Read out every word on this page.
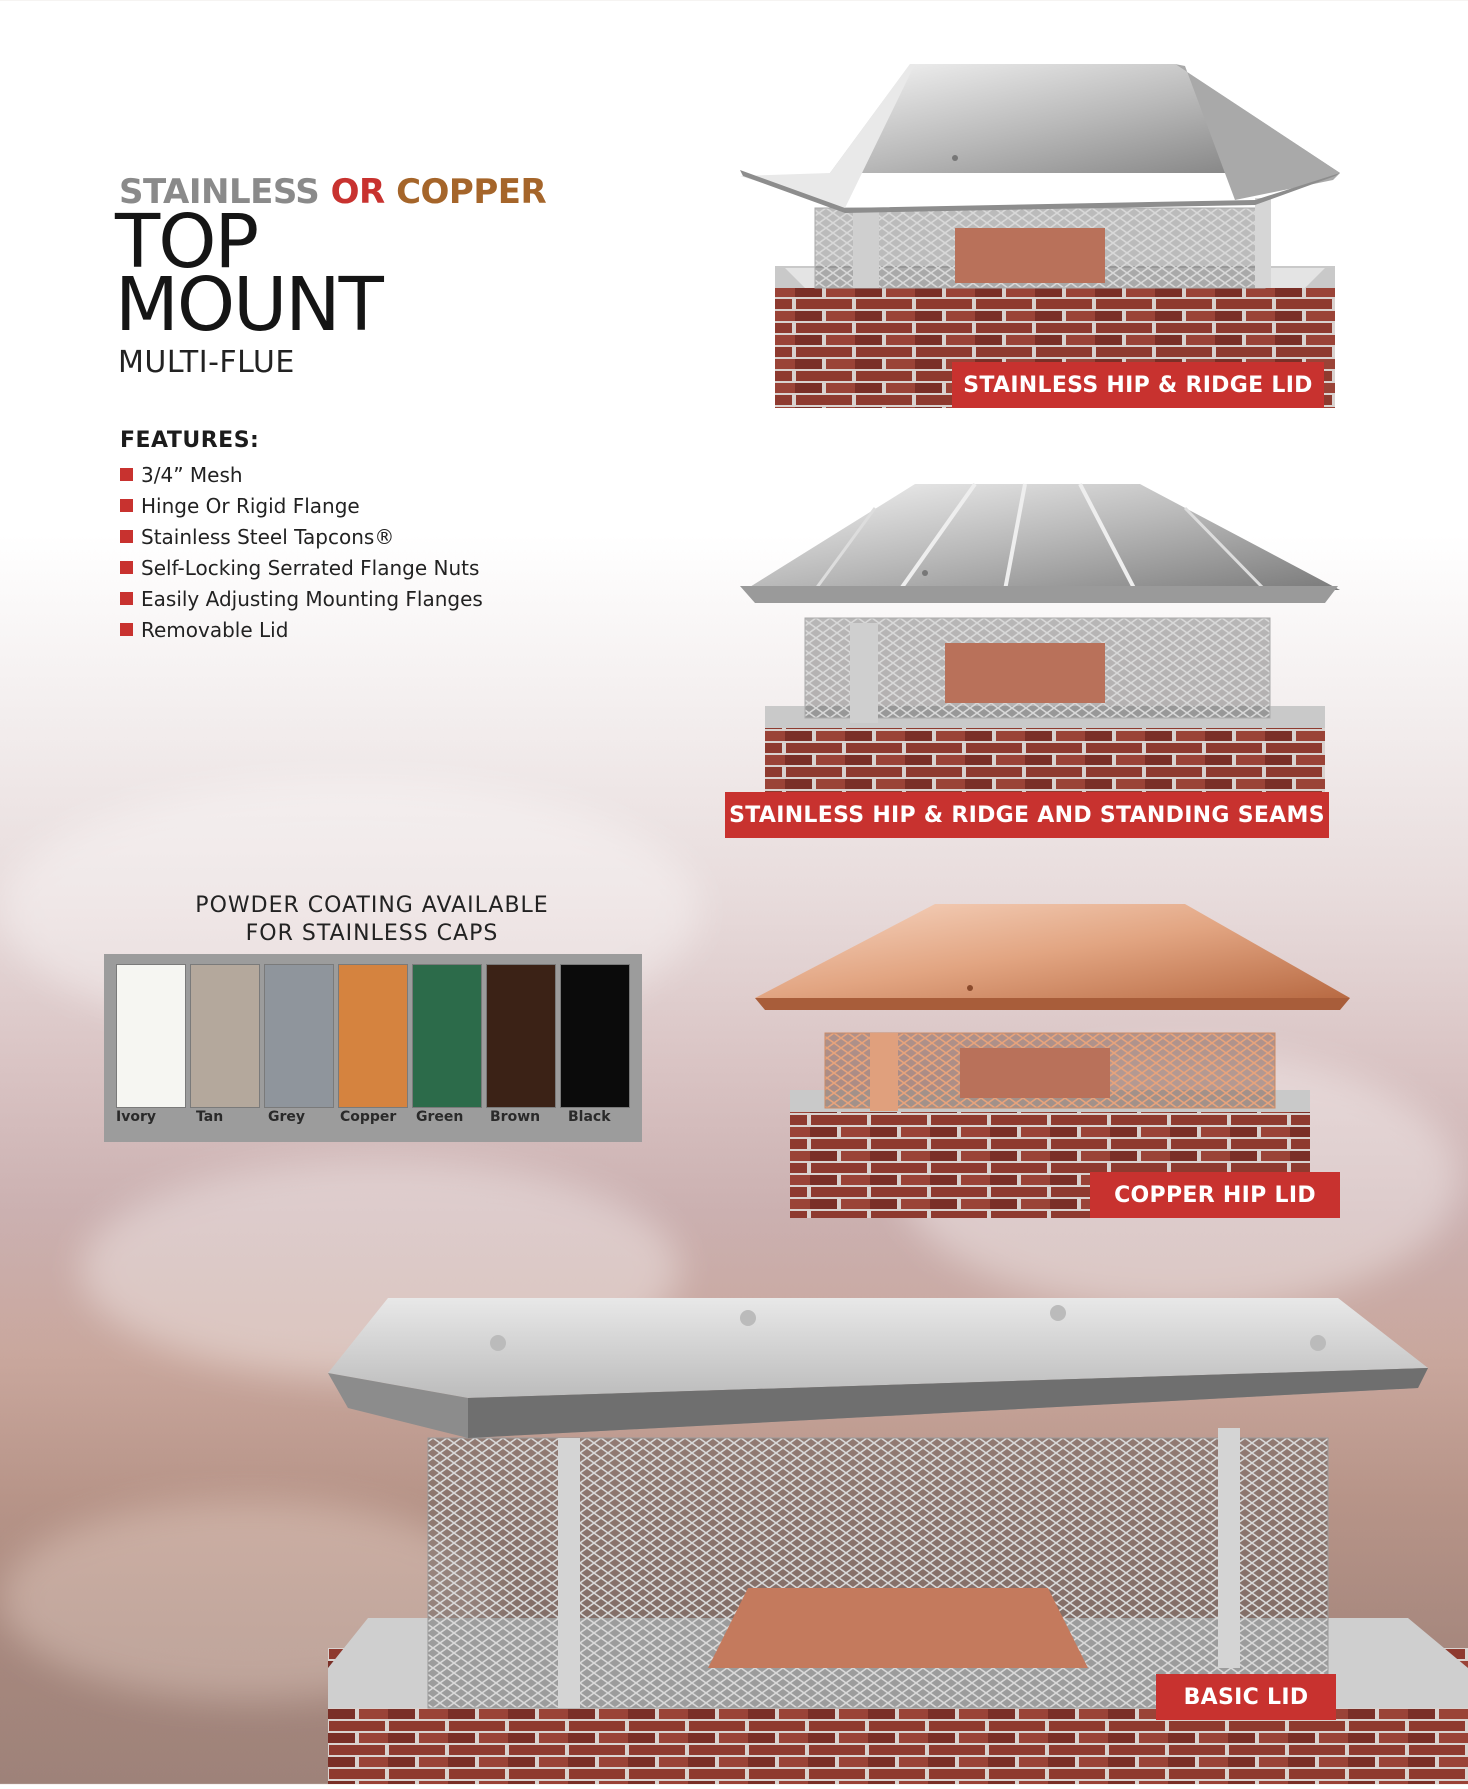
STAINLESS OR COPPER
TOP
MOUNT
MULTI-FLUE
FEATURES:
3/4” Mesh
Hinge Or Rigid Flange
Stainless Steel Tapcons®
Self-Locking Serrated Flange Nuts
Easily Adjusting Mounting Flanges
Removable Lid
POWDER COATING AVAILABLE
FOR STAINLESS CAPS
Ivory	Tan	Grey Copper Green Brown Black
STAINLESS HIP & RIDGE LID
STAINLESS HIP & RIDGE AND STANDING SEAMS
COPPER HIP LID
BASIC LID
